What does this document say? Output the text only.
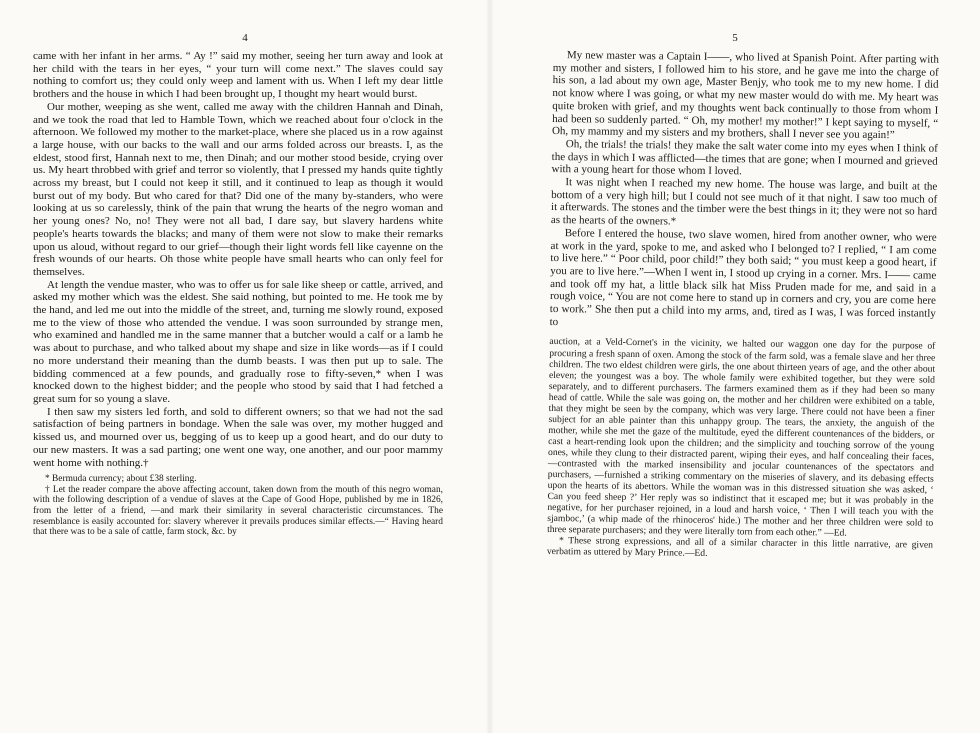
4

came with her infant in her arms. “ Ay !” said my mother, seeing her turn away and look at her child with the tears in her eyes, “ your turn will come next.” The slaves could say nothing to comfort us; they could only weep and lament with us. When I left my dear little brothers and the house in which I had been brought up, I thought my heart would burst.

Our mother, weeping as she went, called me away with the children Hannah and Dinah, and we took the road that led to Hamble Town, which we reached about four o'clock in the afternoon. We followed my mother to the market-place, where she placed us in a row against a large house, with our backs to the wall and our arms folded across our breasts. I, as the eldest, stood first, Hannah next to me, then Dinah; and our mother stood beside, crying over us. My heart throbbed with grief and terror so violently, that I pressed my hands quite tightly across my breast, but I could not keep it still, and it continued to leap as though it would burst out of my body. But who cared for that? Did one of the many by-standers, who were looking at us so carelessly, think of the pain that wrung the hearts of the negro woman and her young ones? No, no! They were not all bad, I dare say, but slavery hardens white people's hearts towards the blacks; and many of them were not slow to make their remarks upon us aloud, without regard to our grief—though their light words fell like cayenne on the fresh wounds of our hearts. Oh those white people have small hearts who can only feel for themselves.

At length the vendue master, who was to offer us for sale like sheep or cattle, arrived, and asked my mother which was the eldest. She said nothing, but pointed to me. He took me by the hand, and led me out into the middle of the street, and, turning me slowly round, exposed me to the view of those who attended the vendue. I was soon surrounded by strange men, who examined and handled me in the same manner that a butcher would a calf or a lamb he was about to purchase, and who talked about my shape and size in like words—as if I could no more understand their meaning than the dumb beasts. I was then put up to sale. The bidding commenced at a few pounds, and gradually rose to fifty-seven,* when I was knocked down to the highest bidder; and the people who stood by said that I had fetched a great sum for so young a slave.

I then saw my sisters led forth, and sold to different owners; so that we had not the sad satisfaction of being partners in bondage. When the sale was over, my mother hugged and kissed us, and mourned over us, begging of us to keep up a good heart, and do our duty to our new masters. It was a sad parting; one went one way, one another, and our poor mammy went home with nothing.†

* Bermuda currency; about £38 sterling.

† Let the reader compare the above affecting account, taken down from the mouth of this negro woman, with the following description of a vendue of slaves at the Cape of Good Hope, published by me in 1826, from the letter of a friend, —and mark their similarity in several characteristic circumstances. The resemblance is easily accounted for: slavery wherever it prevails produces similar effects.—“ Having heard that there was to be a sale of cattle, farm stock, &c. by

5

My new master was a Captain I——, who lived at Spanish Point. After parting with my mother and sisters, I followed him to his store, and he gave me into the charge of his son, a lad about my own age, Master Benjy, who took me to my new home. I did not know where I was going, or what my new master would do with me. My heart was quite broken with grief, and my thoughts went back continually to those from whom I had been so suddenly parted. “ Oh, my mother! my mother!” I kept saying to myself, “ Oh, my mammy and my sisters and my brothers, shall I never see you again!”

Oh, the trials! the trials! they make the salt water come into my eyes when I think of the days in which I was afflicted—the times that are gone; when I mourned and grieved with a young heart for those whom I loved.

It was night when I reached my new home. The house was large, and built at the bottom of a very high hill; but I could not see much of it that night. I saw too much of it afterwards. The stones and the timber were the best things in it; they were not so hard as the hearts of the owners.*

Before I entered the house, two slave women, hired from another owner, who were at work in the yard, spoke to me, and asked who I belonged to? I replied, “ I am come to live here.” “ Poor child, poor child!” they both said; “ you must keep a good heart, if you are to live here.”—When I went in, I stood up crying in a corner. Mrs. I—— came and took off my hat, a little black silk hat Miss Pruden made for me, and said in a rough voice, “ You are not come here to stand up in corners and cry, you are come here to work.” She then put a child into my arms, and, tired as I was, I was forced instantly to

auction, at a Veld-Cornet's in the vicinity, we halted our waggon one day for the purpose of procuring a fresh spann of oxen. Among the stock of the farm sold, was a female slave and her three children. The two eldest children were girls, the one about thirteen years of age, and the other about eleven; the youngest was a boy. The whole family were exhibited together, but they were sold separately, and to different purchasers. The farmers examined them as if they had been so many head of cattle. While the sale was going on, the mother and her children were exhibited on a table, that they might be seen by the company, which was very large. There could not have been a finer subject for an able painter than this unhappy group. The tears, the anxiety, the anguish of the mother, while she met the gaze of the multitude, eyed the different countenances of the bidders, or cast a heart-rending look upon the children; and the simplicity and touching sorrow of the young ones, while they clung to their distracted parent, wiping their eyes, and half concealing their faces,—contrasted with the marked insensibility and jocular countenances of the spectators and purchasers, —furnished a striking commentary on the miseries of slavery, and its debasing effects upon the hearts of its abettors. While the woman was in this distressed situation she was asked, ‘ Can you feed sheep ?’ Her reply was so indistinct that it escaped me; but it was probably in the negative, for her purchaser rejoined, in a loud and harsh voice, ‘ Then I will teach you with the sjamboc,’ (a whip made of the rhinoceros' hide.) The mother and her three children were sold to three separate purchasers; and they were literally torn from each other.” —Ed.

* These strong expressions, and all of a similar character in this little narrative, are given verbatim as uttered by Mary Prince.—Ed.
